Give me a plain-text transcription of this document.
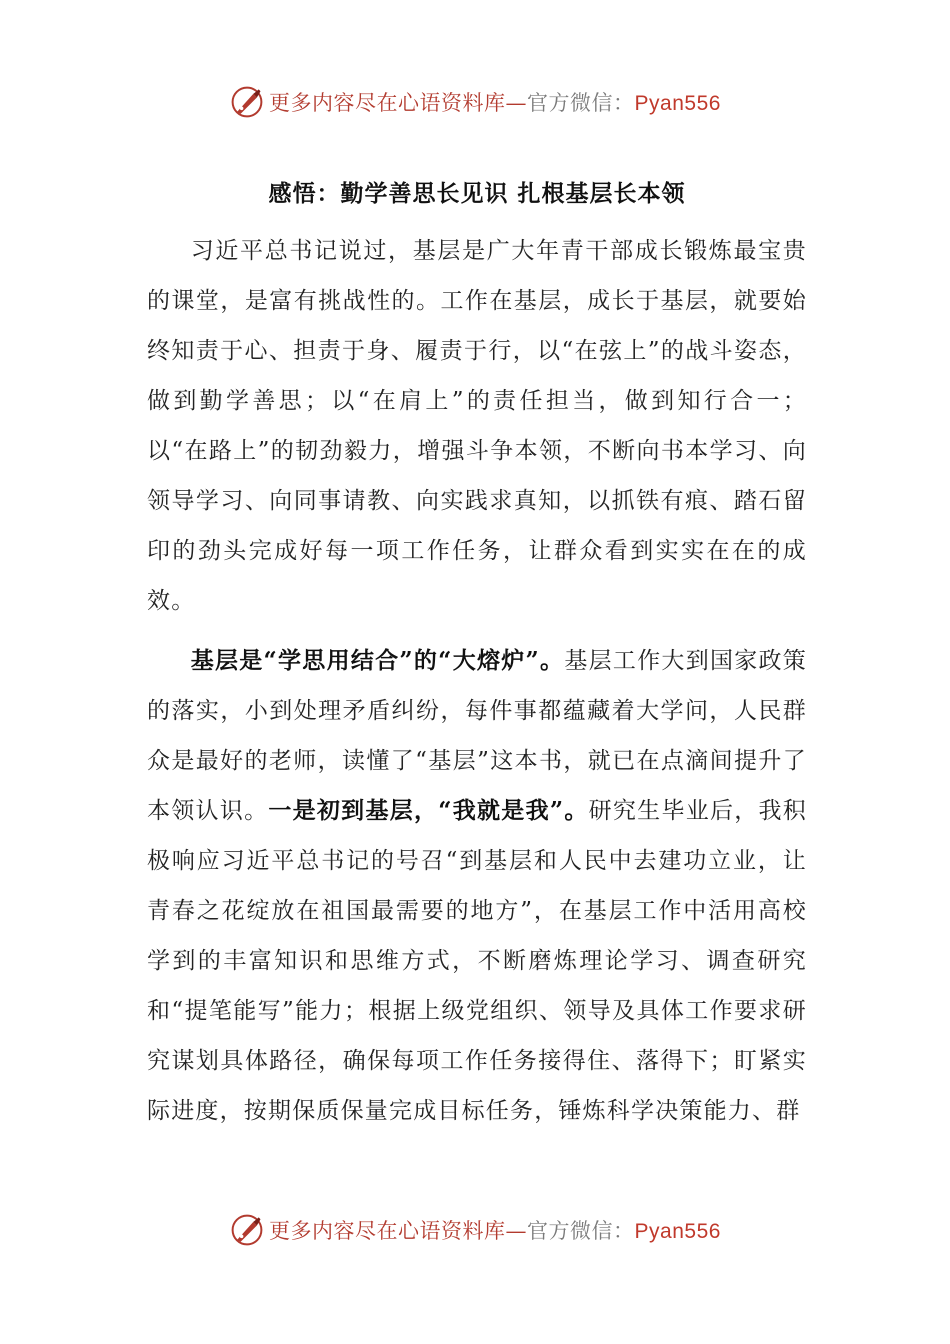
更多内容尽在心语资料库—官方微信：Pyan556
感悟：勤学善思长见识 扎根基层长本领

习近平总书记说过，基层是广大年青干部成长锻炼最宝贵的课堂，是富有挑战性的。工作在基层，成长于基层，就要始终知责于心、担责于身、履责于行，以“在弦上”的战斗姿态，做到勤学善思；以“在肩上”的责任担当，做到知行合一；以“在路上”的韧劲毅力，增强斗争本领，不断向书本学习、向领导学习、向同事请教、向实践求真知，以抓铁有痕、踏石留印的劲头完成好每一项工作任务，让群众看到实实在在的成效。

基层是“学思用结合”的“大熔炉”。基层工作大到国家政策的落实，小到处理矛盾纠纷，每件事都蕴藏着大学问，人民群众是最好的老师，读懂了“基层”这本书，就已在点滴间提升了本领认识。一是初到基层，“我就是我”。研究生毕业后，我积极响应习近平总书记的号召“到基层和人民中去建功立业，让青春之花绽放在祖国最需要的地方”，在基层工作中活用高校学到的丰富知识和思维方式，不断磨炼理论学习、调查研究和“提笔能写”能力；根据上级党组织、领导及具体工作要求研究谋划具体路径，确保每项工作任务接得住、落得下；盯紧实际进度，按期保质保量完成目标任务，锤炼科学决策能力、群

更多内容尽在心语资料库—官方微信：Pyan556
